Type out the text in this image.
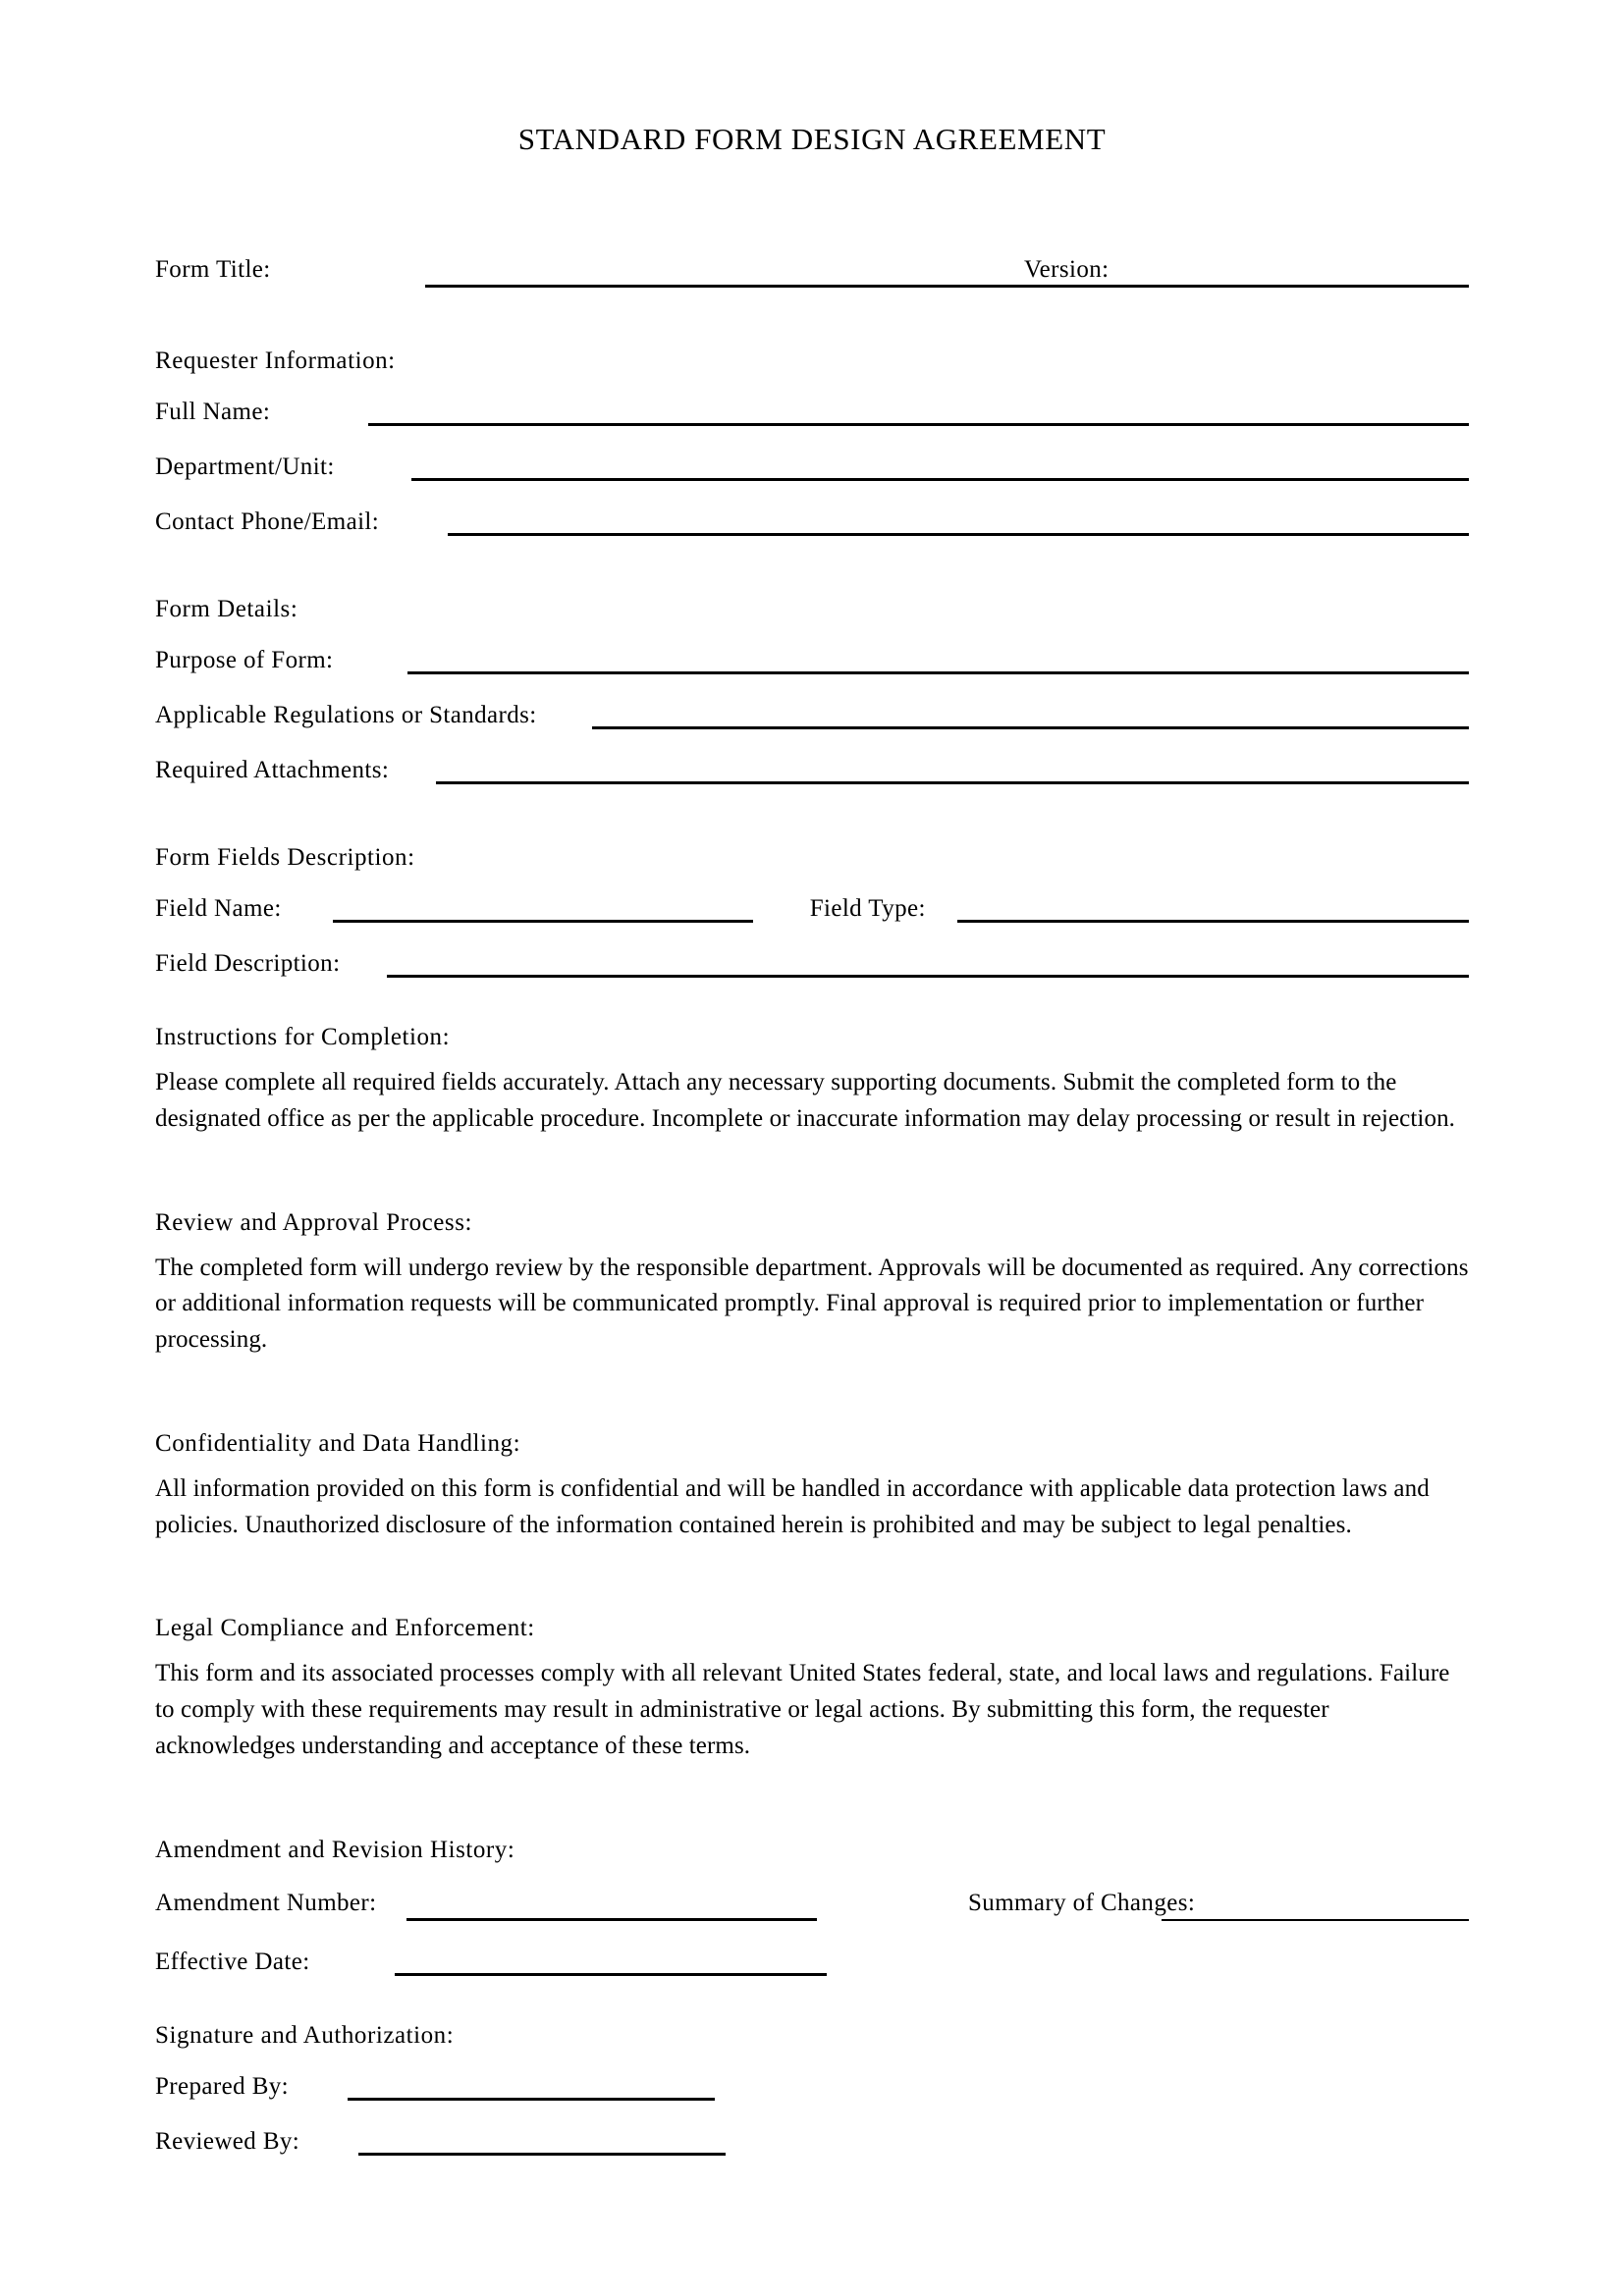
STANDARD FORM DESIGN AGREEMENT
Form Title:	Version:
Requester Information:
Full Name:
Department/Unit:
Contact Phone/Email:
Form Details:
Purpose of Form:
Applicable Regulations or Standards:
Required Attachments:
Form Fields Description:
Field Name:	Field Type:
Field Description:
Instructions for Completion:

Please complete all required fields accurately. Attach any necessary supporting documents. Submit the completed form to the designated office as per the applicable procedure. Incomplete or inaccurate information may delay processing or result in rejection.

Review and Approval Process:

The completed form will undergo review by the responsible department. Approvals will be documented as required. Any corrections or additional information requests will be communicated promptly. Final approval is required prior to implementation or further processing.

Confidentiality and Data Handling:

All information provided on this form is confidential and will be handled in accordance with applicable data protection laws and policies. Unauthorized disclosure of the information contained herein is prohibited and may be subject to legal penalties.

Legal Compliance and Enforcement:

This form and its associated processes comply with all relevant United States federal, state, and local laws and regulations. Failure to comply with these requirements may result in administrative or legal actions. By submitting this form, the requester acknowledges understanding and acceptance of these terms.

Amendment and Revision History:
Amendment Number:	Summary of Changes:
Effective Date:
Signature and Authorization:
Prepared By:
Reviewed By:
